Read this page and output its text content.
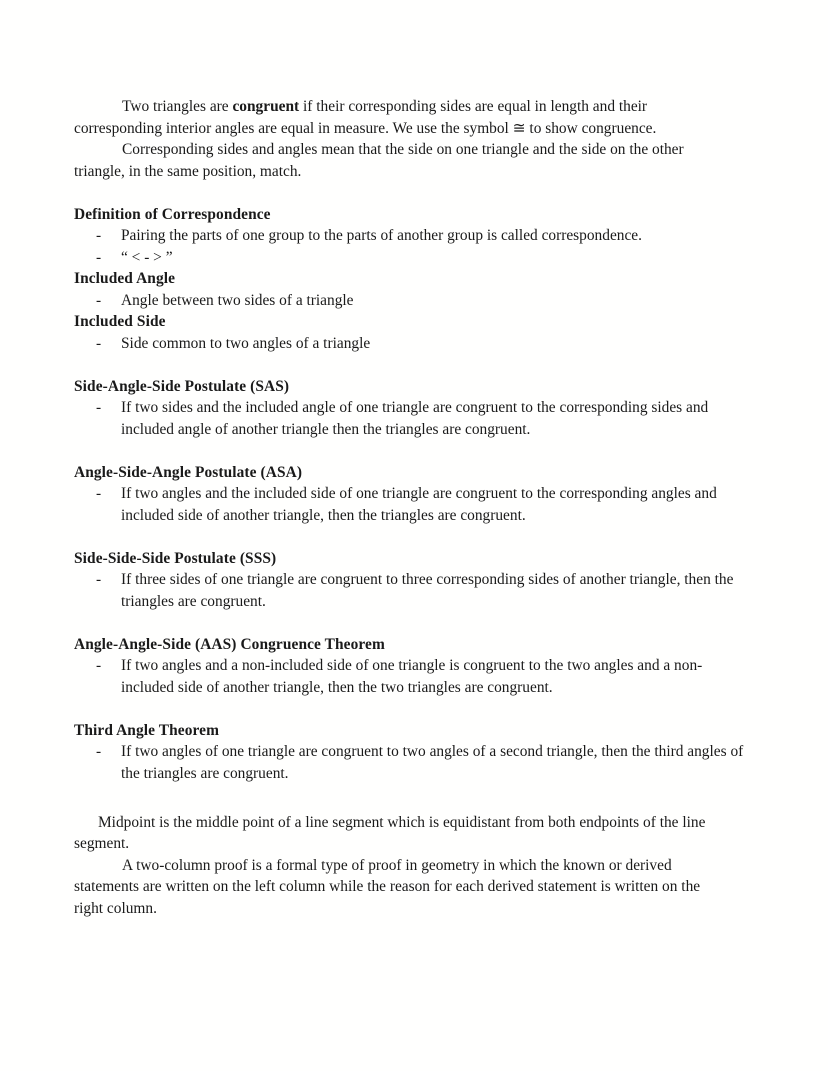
Two triangles are congruent if their corresponding sides are equal in length and their corresponding interior angles are equal in measure. We use the symbol ≅ to show congruence.

Corresponding sides and angles mean that the side on one triangle and the side on the other triangle, in the same position, match.

Definition of Correspondence
- Pairing the parts of one group to the parts of another group is called correspondence.
- “ < - > ”
Included Angle
- Angle between two sides of a triangle
Included Side
- Side common to two angles of a triangle
Side-Angle-Side Postulate (SAS)
- If two sides and the included angle of one triangle are congruent to the corresponding sides and included angle of another triangle then the triangles are congruent.
Angle-Side-Angle Postulate (ASA)
- If two angles and the included side of one triangle are congruent to the corresponding angles and included side of another triangle, then the triangles are congruent.
Side-Side-Side Postulate (SSS)
- If three sides of one triangle are congruent to three corresponding sides of another triangle, then the triangles are congruent.
Angle-Angle-Side (AAS) Congruence Theorem
- If two angles and a non-included side of one triangle is congruent to the two angles and a non-included side of another triangle, then the two triangles are congruent.
Third Angle Theorem
- If two angles of one triangle are congruent to two angles of a second triangle, then the third angles of the triangles are congruent.

Midpoint is the middle point of a line segment which is equidistant from both endpoints of the line segment.

A two-column proof is a formal type of proof in geometry in which the known or derived statements are written on the left column while the reason for each derived statement is written on the right column.
